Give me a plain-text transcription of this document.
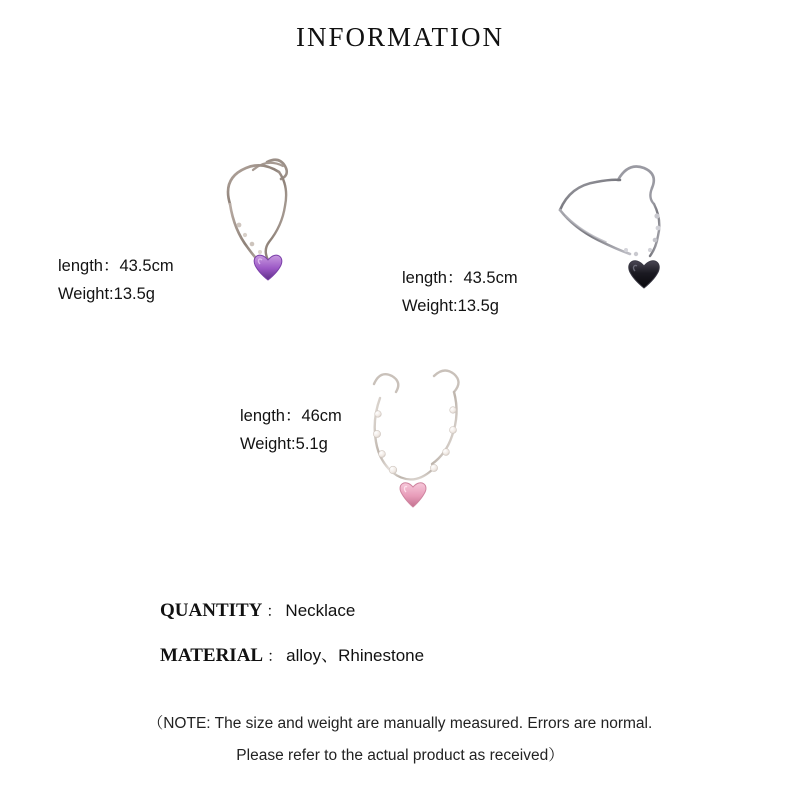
INFORMATION
length：43.5cm
Weight:13.5g
length：43.5cm
Weight:13.5g
length：46cm
Weight:5.1g
QUANTITY ： Necklace
MATERIAL ： alloy、Rhinestone
（NOTE: The size and weight are manually measured. Errors are normal.
Please refer to the actual product as received）
